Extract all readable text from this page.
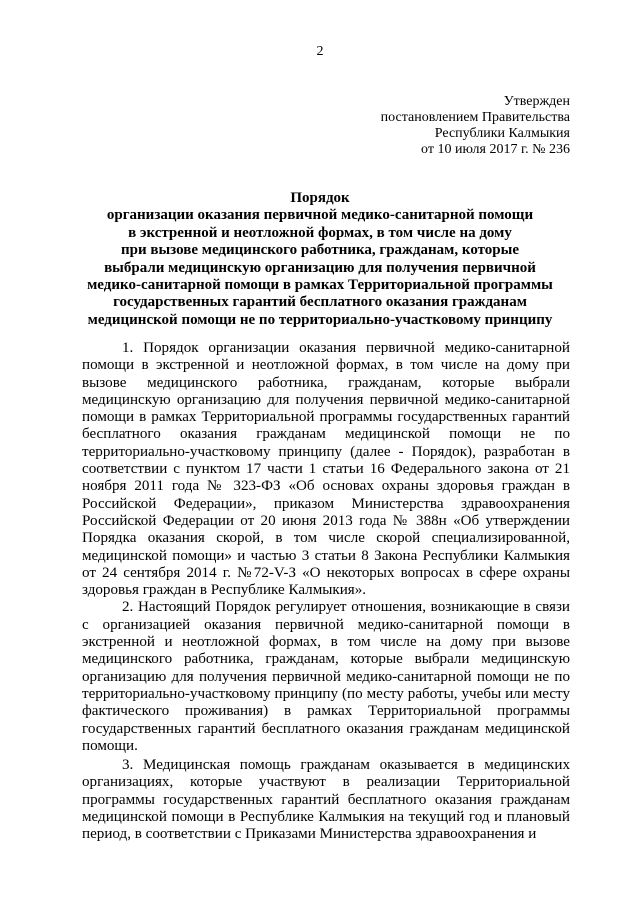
2
Утвержден
постановлением Правительства
Республики Калмыкия
от 10 июля 2017 г. № 236
Порядок
организации оказания первичной медико-санитарной помощи
в экстренной и неотложной формах, в том числе на дому
при вызове медицинского работника, гражданам, которые
выбрали медицинскую организацию для получения первичной
медико-санитарной помощи в рамках Территориальной программы
государственных гарантий бесплатного оказания гражданам
медицинской помощи не по территориально-участковому принципу

1. Порядок организации оказания первичной медико-санитарной помощи в экстренной и неотложной формах, в том числе на дому при вызове медицинского работника, гражданам, которые выбрали медицинскую организацию для получения первичной медико-санитарной помощи в рамках Территориальной программы государственных гарантий бесплатного оказания гражданам медицинской помощи не по территориально-участковому принципу (далее - Порядок), разработан в соответствии с пунктом 17 части 1 статьи 16 Федерального закона от 21 ноября 2011 года № 323-ФЗ «Об основах охраны здоровья граждан в Российской Федерации», приказом Министерства здравоохранения Российской Федерации от 20 июня 2013 года № 388н «Об утверждении Порядка оказания скорой, в том числе скорой специализированной, медицинской помощи» и частью 3 статьи 8 Закона Республики Калмыкия от 24 сентября 2014 г. №72-V-З «О некоторых вопросах в сфере охраны здоровья граждан в Республике Калмыкия».

2. Настоящий Порядок регулирует отношения, возникающие в связи с организацией оказания первичной медико-санитарной помощи в экстренной и неотложной формах, в том числе на дому при вызове медицинского работника, гражданам, которые выбрали медицинскую организацию для получения первичной медико-санитарной помощи не по территориально-участковому принципу (по месту работы, учебы или месту фактического проживания) в рамках Территориальной программы государственных гарантий бесплатного оказания гражданам медицинской помощи.

3. Медицинская помощь гражданам оказывается в медицинских организациях, которые участвуют в реализации Территориальной программы государственных гарантий бесплатного оказания гражданам медицинской помощи в Республике Калмыкия на текущий год и плановый период, в соответствии с Приказами Министерства здравоохранения и
